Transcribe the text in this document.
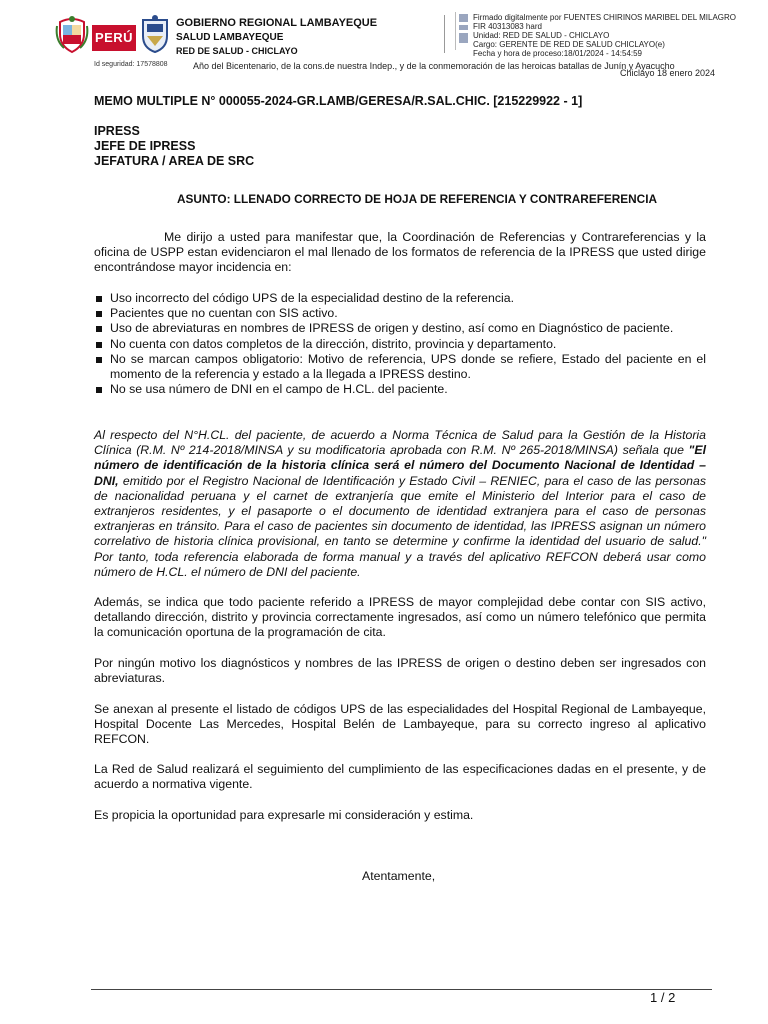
PERÚ
GOBIERNO REGIONAL LAMBAYEQUE
SALUD LAMBAYEQUE
RED DE SALUD - CHICLAYO
Firmado digitalmente por FUENTES CHIRINOS MARIBEL DEL MILAGRO
FIR 40313083 hard
Unidad: RED DE SALUD - CHICLAYO
Cargo: GERENTE DE RED DE SALUD CHICLAYO(e)
Fecha y hora de proceso:18/01/2024 - 14:54:59
Id seguridad: 17578808	Año del Bicentenario, de la cons.de nuestra Indep., y de la conmemoración de las heroicas batallas de Junín y Ayacucho
Chiclayo 18 enero 2024
MEMO MULTIPLE N° 000055-2024-GR.LAMB/GERESA/R.SAL.CHIC. [215229922 - 1]
IPRESS
JEFE DE IPRESS
JEFATURA / AREA DE SRC
ASUNTO: LLENADO CORRECTO DE HOJA DE REFERENCIA Y CONTRAREFERENCIA

Me dirijo a usted para manifestar que, la Coordinación de Referencias y Contrareferencias y la oficina de USPP estan evidenciaron el mal llenado de los formatos de referencia de la IPRESS que usted dirige encontrándose mayor incidencia en:

Uso incorrecto del código UPS de la especialidad destino de la referencia.
Pacientes que no cuentan con SIS activo.
Uso de abreviaturas en nombres de IPRESS de origen y destino, así como en Diagnóstico de paciente.
No cuenta con datos completos de la dirección, distrito, provincia y departamento.
No se marcan campos obligatorio: Motivo de referencia, UPS donde se refiere, Estado del paciente en el momento de la referencia y estado a la llegada a IPRESS destino.
No se usa número de DNI en el campo de H.CL. del paciente.

Al respecto del N°H.CL. del paciente, de acuerdo a Norma Técnica de Salud para la Gestión de la Historia Clínica (R.M. Nº 214-2018/MINSA y su modificatoria aprobada con R.M. Nº 265-2018/MINSA) señala que "El número de identificación de la historia clínica será el número del Documento Nacional de Identidad – DNI, emitido por el Registro Nacional de Identificación y Estado Civil – RENIEC, para el caso de las personas de nacionalidad peruana y el carnet de extranjería que emite el Ministerio del Interior para el caso de extranjeros residentes, y el pasaporte o el documento de identidad extranjera para el caso de personas extranjeras en tránsito. Para el caso de pacientes sin documento de identidad, las IPRESS asignan un número correlativo de historia clínica provisional, en tanto se determine y confirme la identidad del usuario de salud." Por tanto, toda referencia elaborada de forma manual y a través del aplicativo REFCON deberá usar como número de H.CL. el número de DNI del paciente.

Además, se indica que todo paciente referido a IPRESS de mayor complejidad debe contar con SIS activo, detallando dirección, distrito y provincia correctamente ingresados, así como un número telefónico que permita la comunicación oportuna de la programación de cita.

Por ningún motivo los diagnósticos y nombres de las IPRESS de origen o destino deben ser ingresados con abreviaturas.

Se anexan al presente el listado de códigos UPS de las especialidades del Hospital Regional de Lambayeque, Hospital Docente Las Mercedes, Hospital Belén de Lambayeque, para su correcto ingreso al aplicativo REFCON.

La Red de Salud realizará el seguimiento del cumplimiento de las especificaciones dadas en el presente, y de acuerdo a normativa vigente.

Es propicia la oportunidad para expresarle mi consideración y estima.

Atentamente,
1 / 2
